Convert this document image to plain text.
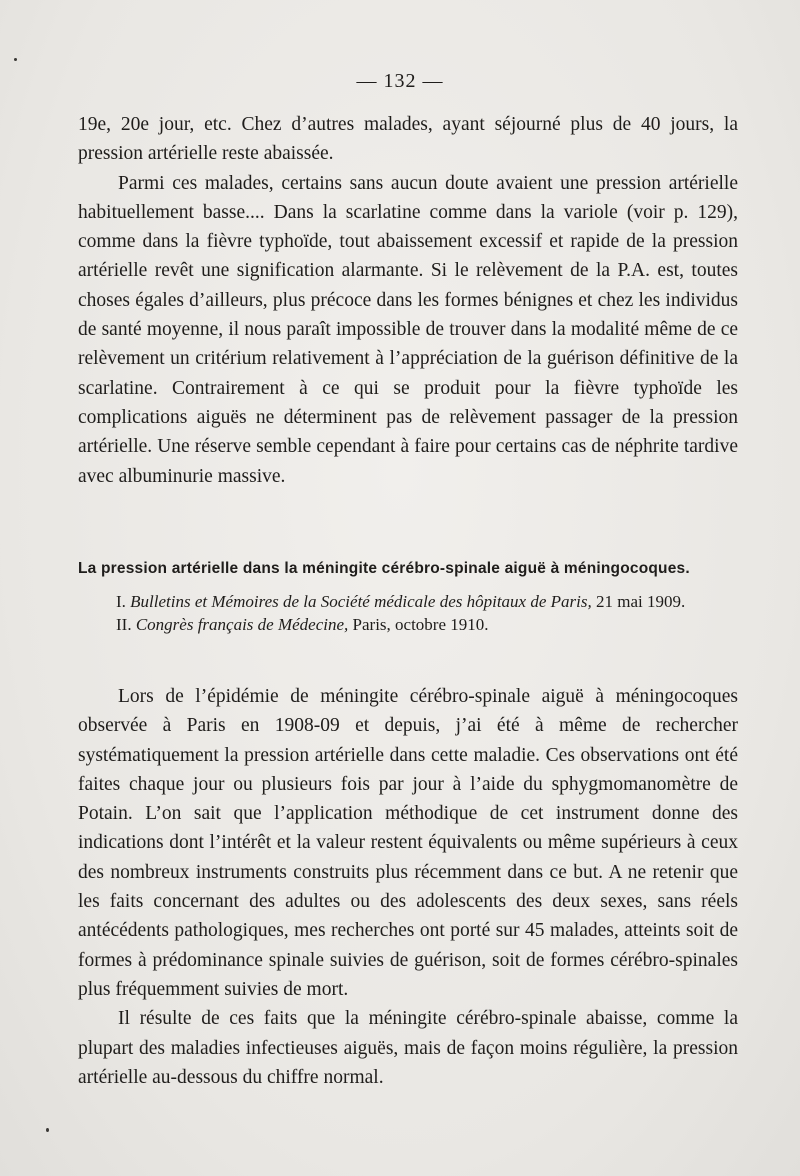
— 132 —

19e, 20e jour, etc. Chez d’autres malades, ayant séjourné plus de 40 jours, la pression artérielle reste abaissée.

Parmi ces malades, certains sans aucun doute avaient une pression artérielle habituellement basse.... Dans la scarlatine comme dans la variole (voir p. 129), comme dans la fièvre typhoïde, tout abaissement excessif et rapide de la pression artérielle revêt une signification alarmante. Si le relèvement de la P.A. est, toutes choses égales d’ailleurs, plus précoce dans les formes bénignes et chez les individus de santé moyenne, il nous paraît impossible de trouver dans la modalité même de ce relèvement un critérium relativement à l’appréciation de la guérison définitive de la scarlatine. Contrairement à ce qui se produit pour la fièvre typhoïde les complications aiguës ne déterminent pas de relèvement passager de la pression artérielle. Une réserve semble cependant à faire pour certains cas de néphrite tardive avec albuminurie massive.

La pression artérielle dans la méningite cérébro-spinale aiguë à méningocoques.
I. Bulletins et Mémoires de la Société médicale des hôpitaux de Paris, 21 mai 1909.
II. Congrès français de Médecine, Paris, octobre 1910.

Lors de l’épidémie de méningite cérébro-spinale aiguë à méningocoques observée à Paris en 1908-09 et depuis, j’ai été à même de rechercher systématiquement la pression artérielle dans cette maladie. Ces observations ont été faites chaque jour ou plusieurs fois par jour à l’aide du sphygmomanomètre de Potain. L’on sait que l’application méthodique de cet instrument donne des indications dont l’intérêt et la valeur restent équivalents ou même supérieurs à ceux des nombreux instruments construits plus récemment dans ce but. A ne retenir que les faits concernant des adultes ou des adolescents des deux sexes, sans réels antécédents pathologiques, mes recherches ont porté sur 45 malades, atteints soit de formes à prédominance spinale suivies de guérison, soit de formes cérébro-spinales plus fréquemment suivies de mort.

Il résulte de ces faits que la méningite cérébro-spinale abaisse, comme la plupart des maladies infectieuses aiguës, mais de façon moins régulière, la pression artérielle au-dessous du chiffre normal.
